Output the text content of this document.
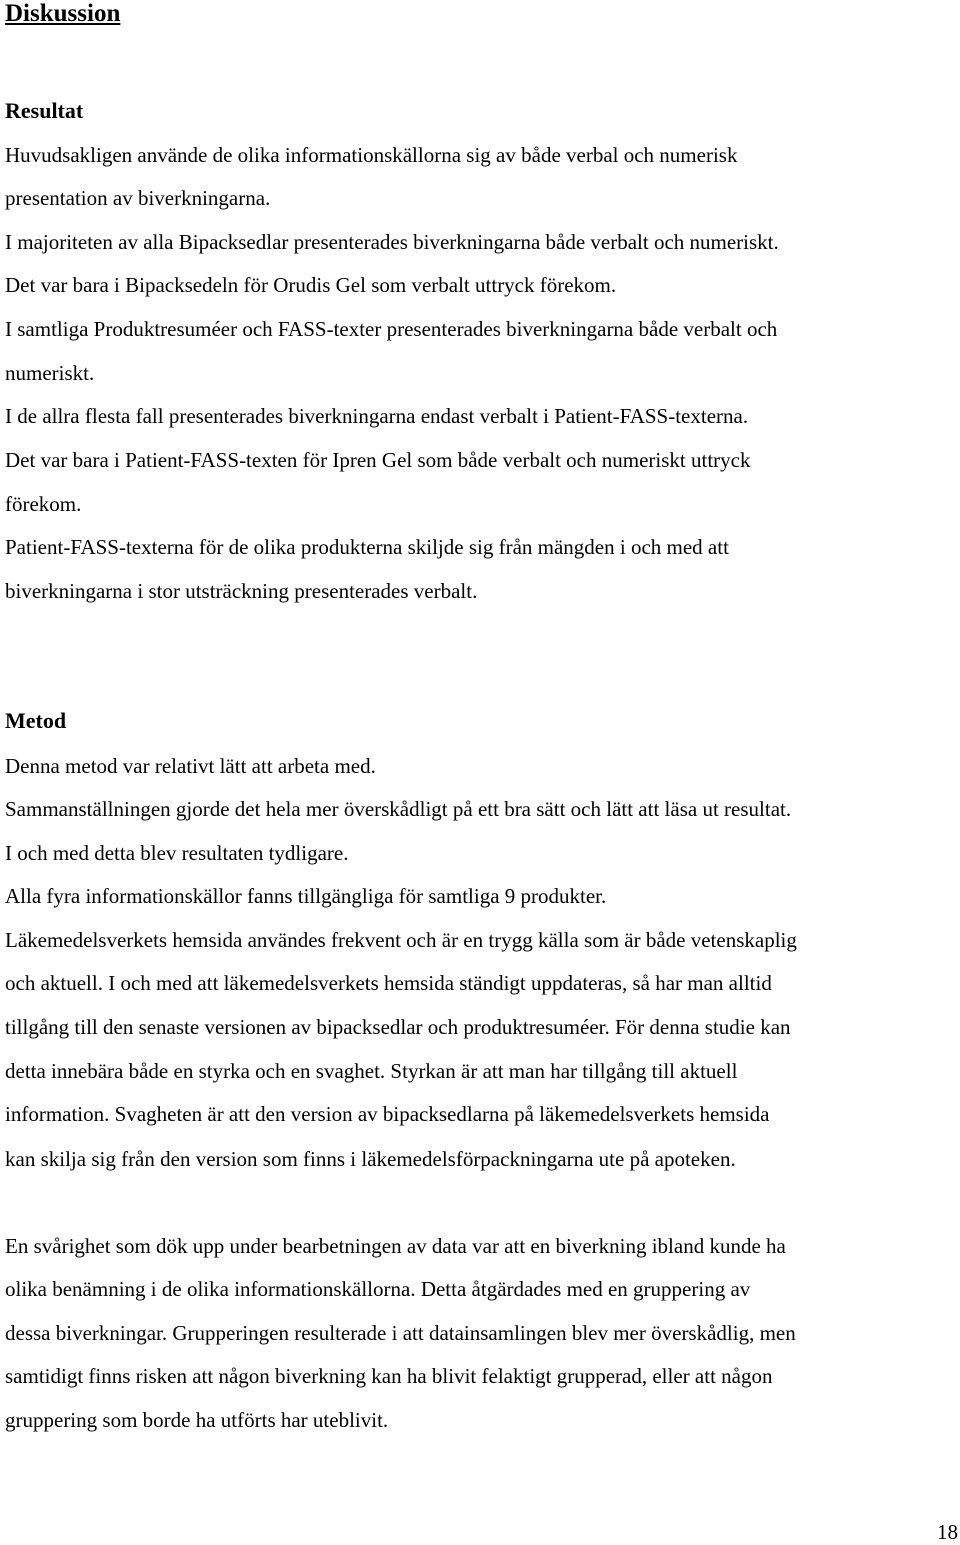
Diskussion
Resultat

Huvudsakligen använde de olika informationskällorna sig av både verbal och numerisk

presentation av biverkningarna.

I majoriteten av alla Bipacksedlar presenterades biverkningarna både verbalt och numeriskt.

Det var bara i Bipacksedeln för Orudis Gel som verbalt uttryck förekom.

I samtliga Produktresuméer och FASS-texter presenterades biverkningarna både verbalt och

numeriskt.

I de allra flesta fall presenterades biverkningarna endast verbalt i Patient-FASS-texterna.

Det var bara i Patient-FASS-texten för Ipren Gel som både verbalt och numeriskt uttryck

förekom.

Patient-FASS-texterna för de olika produkterna skiljde sig från mängden i och med att

biverkningarna i stor utsträckning presenterades verbalt.

Metod

Denna metod var relativt lätt att arbeta med.

Sammanställningen gjorde det hela mer överskådligt på ett bra sätt och lätt att läsa ut resultat.

I och med detta blev resultaten tydligare.

Alla fyra informationskällor fanns tillgängliga för samtliga 9 produkter.

Läkemedelsverkets hemsida användes frekvent och är en trygg källa som är både vetenskaplig

och aktuell. I och med att läkemedelsverkets hemsida ständigt uppdateras, så har man alltid

tillgång till den senaste versionen av bipacksedlar och produktresuméer. För denna studie kan

detta innebära både en styrka och en svaghet. Styrkan är att man har tillgång till aktuell

information. Svagheten är att den version av bipacksedlarna på läkemedelsverkets hemsida

kan skilja sig från den version som finns i läkemedelsförpackningarna ute på apoteken.

En svårighet som dök upp under bearbetningen av data var att en biverkning ibland kunde ha

olika benämning i de olika informationskällorna. Detta åtgärdades med en gruppering av

dessa biverkningar. Grupperingen resulterade i att datainsamlingen blev mer överskådlig, men

samtidigt finns risken att någon biverkning kan ha blivit felaktigt grupperad, eller att någon

gruppering som borde ha utförts har uteblivit.

18
